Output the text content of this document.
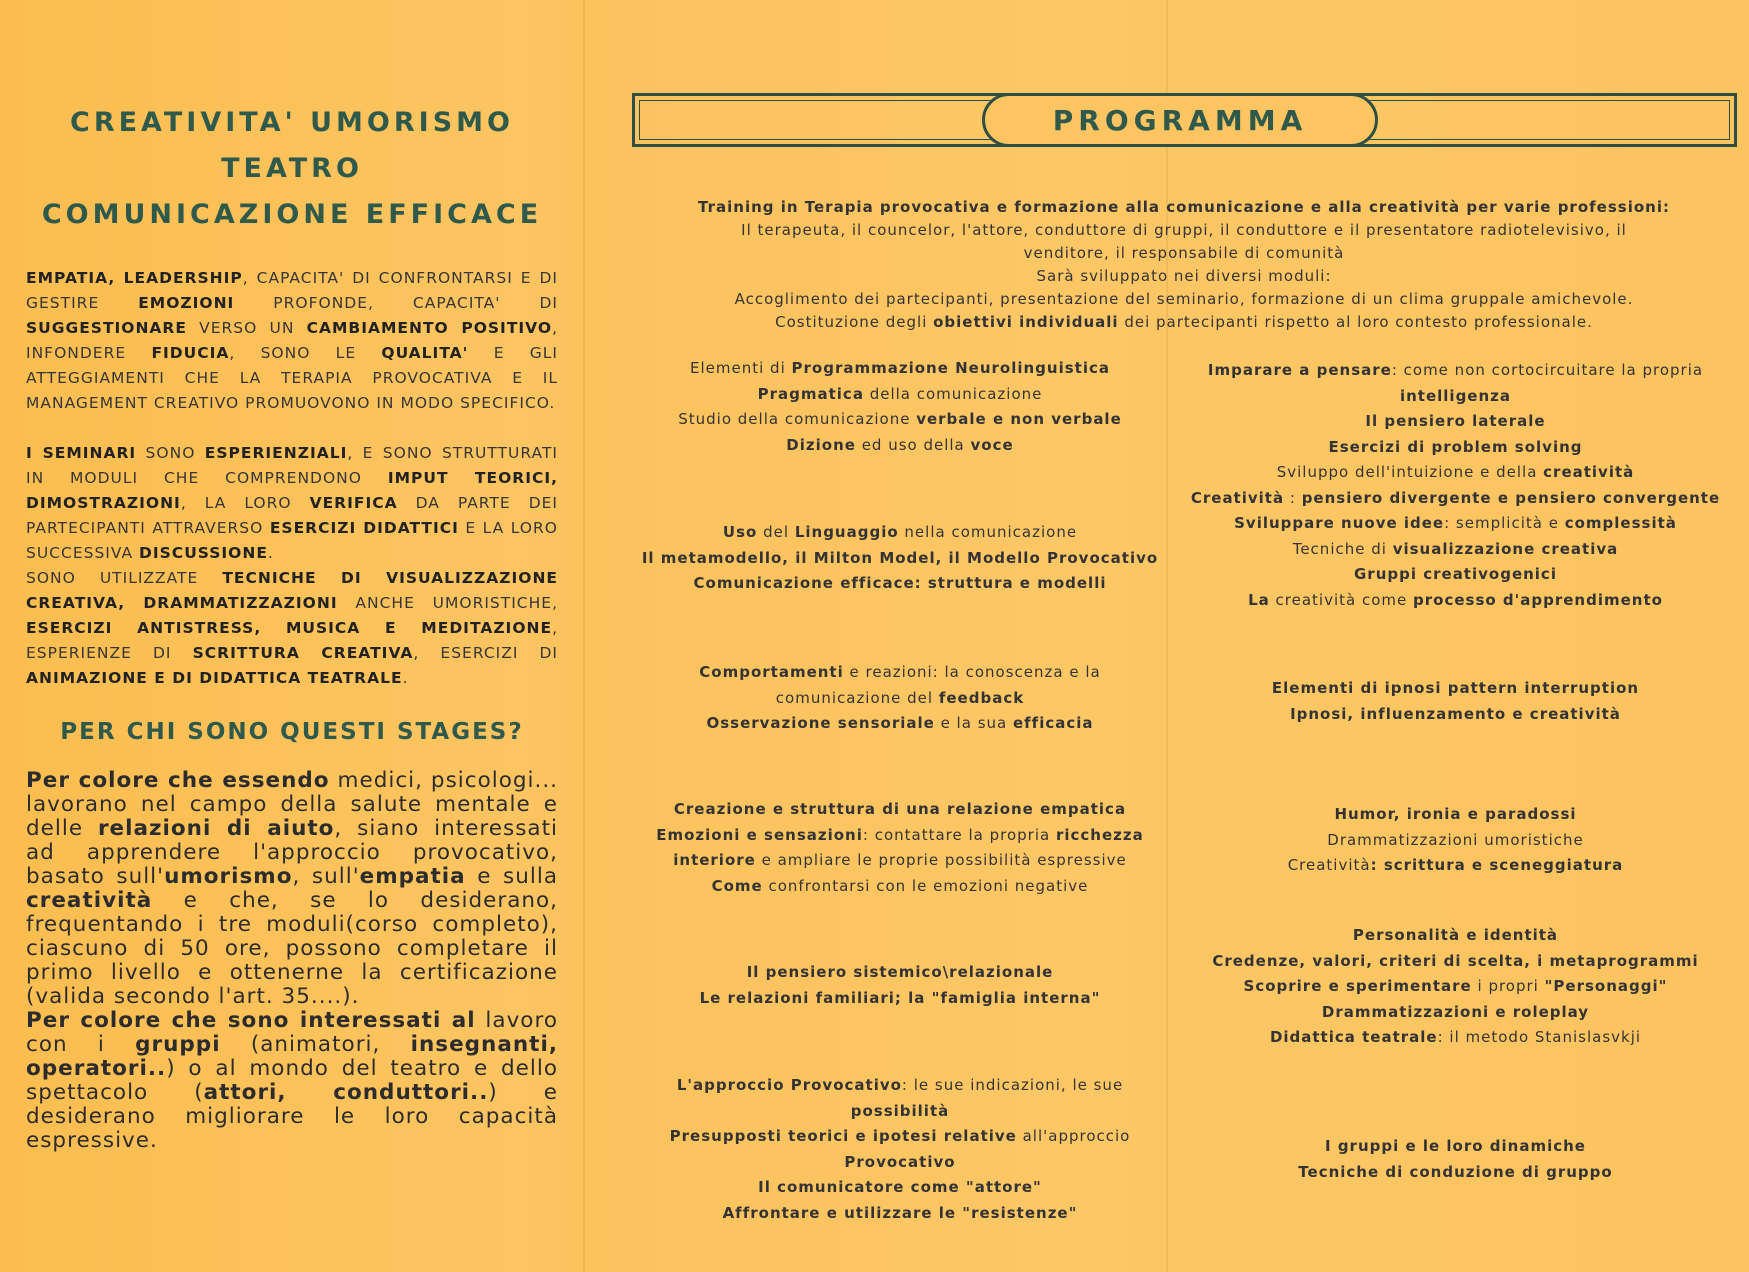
CREATIVITA' UMORISMO
TEATRO
COMUNICAZIONE EFFICACE

EMPATIA, LEADERSHIP, CAPACITA' DI CONFRONTARSI E DI GESTIRE EMOZIONI PROFONDE, CAPACITA' DI SUGGESTIONARE VERSO UN CAMBIAMENTO POSITIVO, INFONDERE FIDUCIA, SONO LE QUALITA' E GLI ATTEGGIAMENTI CHE LA TERAPIA PROVOCATIVA E IL MANAGEMENT CREATIVO PROMUOVONO IN MODO SPECIFICO.

I SEMINARI SONO ESPERIENZIALI, E SONO STRUTTURATI IN MODULI CHE COMPRENDONO IMPUT TEORICI, DIMOSTRAZIONI, LA LORO VERIFICA DA PARTE DEI PARTECIPANTI ATTRAVERSO ESERCIZI DIDATTICI E LA LORO SUCCESSIVA DISCUSSIONE.

SONO UTILIZZATE TECNICHE DI VISUALIZZAZIONE CREATIVA, DRAMMATIZZAZIONI ANCHE UMORISTICHE, ESERCIZI ANTISTRESS, MUSICA E MEDITAZIONE, ESPERIENZE DI SCRITTURA CREATIVA, ESERCIZI DI ANIMAZIONE E DI DIDATTICA TEATRALE.

PER CHI SONO QUESTI STAGES?

Per colore che essendo medici, psicologi... lavorano nel campo della salute mentale e delle relazioni di aiuto, siano interessati ad apprendere l'approccio provocativo, basato sull'umorismo, sull'empatia e sulla creatività e che, se lo desiderano, frequentando i tre moduli(corso completo), ciascuno di 50 ore, possono completare il primo livello e ottenerne la certificazione (valida secondo l'art. 35....).

Per colore che sono interessati al lavoro con i gruppi (animatori, insegnanti, operatori..) o al mondo del teatro e dello spettacolo (attori, conduttori..) e desiderano migliorare le loro capacità espressive.

PROGRAMMA
Training in Terapia provocativa e formazione alla comunicazione e alla creatività per varie professioni:
Il terapeuta, il councelor, l'attore, conduttore di gruppi, il conduttore e il presentatore radiotelevisivo, il
venditore, il responsabile di comunità
Sarà sviluppato nei diversi moduli:
Accoglimento dei partecipanti, presentazione del seminario, formazione di un clima gruppale amichevole.
Costituzione degli obiettivi individuali dei partecipanti rispetto al loro contesto professionale.
Elementi di Programmazione Neurolinguistica
Pragmatica della comunicazione
Studio della comunicazione verbale e non verbale
Dizione ed uso della voce
Uso del Linguaggio nella comunicazione
Il metamodello, il Milton Model, il Modello Provocativo
Comunicazione efficace: struttura e modelli
Comportamenti e reazioni: la conoscenza e la
comunicazione del feedback
Osservazione sensoriale e la sua efficacia
Creazione e struttura di una relazione empatica
Emozioni e sensazioni: contattare la propria ricchezza
interiore e ampliare le proprie possibilità espressive
Come confrontarsi con le emozioni negative
Il pensiero sistemico\relazionale
Le relazioni familiari; la "famiglia interna"
L'approccio Provocativo: le sue indicazioni, le sue
possibilità
Presupposti teorici e ipotesi relative all'approccio
Provocativo
Il comunicatore come "attore"
Affrontare e utilizzare le "resistenze"
Imparare a pensare: come non cortocircuitare la propria
intelligenza
Il pensiero laterale
Esercizi di problem solving
Sviluppo dell'intuizione e della creatività
Creatività : pensiero divergente e pensiero convergente
Sviluppare nuove idee: semplicità e complessità
Tecniche di visualizzazione creativa
Gruppi creativogenici
La creatività come processo d'apprendimento
Elementi di ipnosi pattern interruption
Ipnosi, influenzamento e creatività
Humor, ironia e paradossi
Drammatizzazioni umoristiche
Creatività: scrittura e sceneggiatura
Personalità e identità
Credenze, valori, criteri di scelta, i metaprogrammi
Scoprire e sperimentare i propri "Personaggi"
Drammatizzazioni e roleplay
Didattica teatrale: il metodo Stanislasvkji
I gruppi e le loro dinamiche
Tecniche di conduzione di gruppo
